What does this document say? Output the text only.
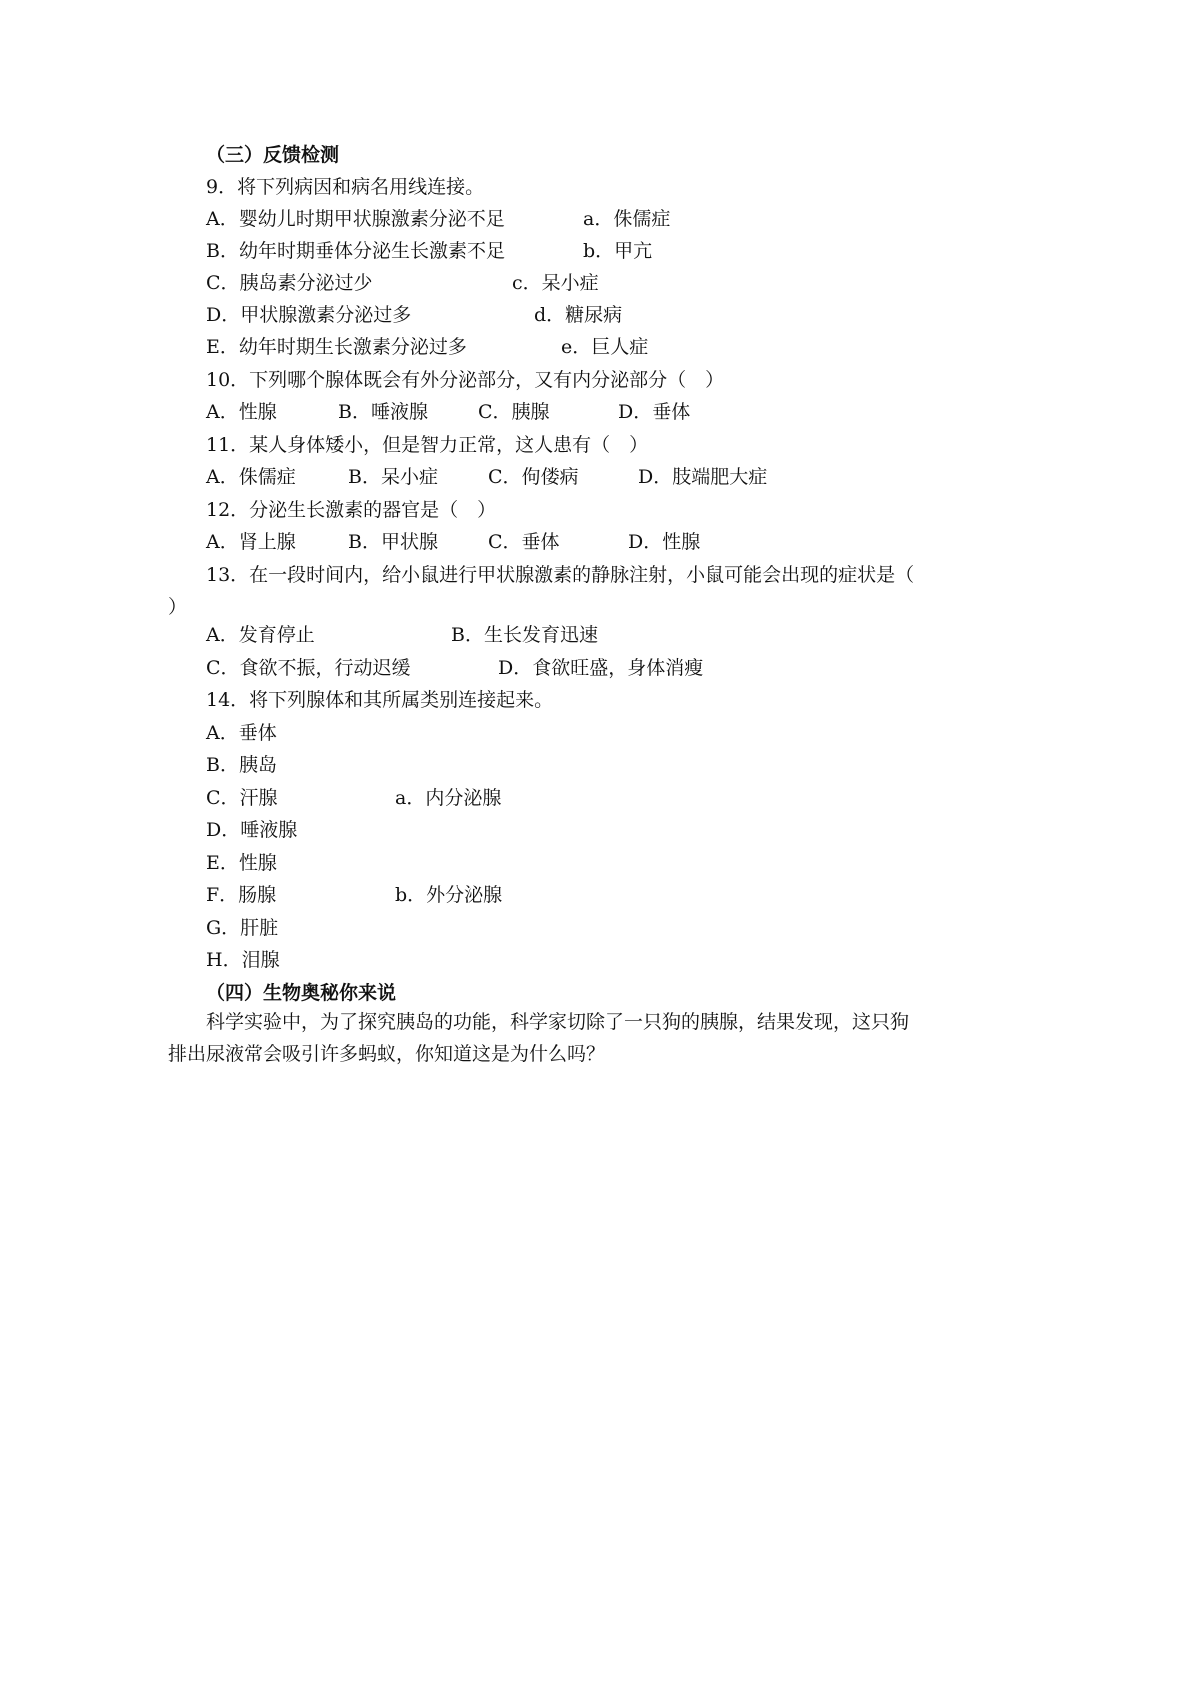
（三）反馈检测
9．将下列病因和病名用线连接。
A．婴幼儿时期甲状腺激素分泌不足	a．侏儒症
B．幼年时期垂体分泌生长激素不足	b．甲亢
C．胰岛素分泌过少	c．呆小症
D．甲状腺激素分泌过多	d．糖尿病
E．幼年时期生长激素分泌过多	e．巨人症
10．下列哪个腺体既会有外分泌部分，又有内分泌部分（　）
A．性腺	B．唾液腺	C．胰腺	D．垂体
11．某人身体矮小，但是智力正常，这人患有（　）
A．侏儒症	B．呆小症	C．佝偻病	D．肢端肥大症
12．分泌生长激素的器官是（　）
A．肾上腺	B．甲状腺	C．垂体	D．性腺
13．在一段时间内，给小鼠进行甲状腺激素的静脉注射，小鼠可能会出现的症状是（
）
A．发育停止	B．生长发育迅速
C．食欲不振，行动迟缓	D．食欲旺盛，身体消瘦
14．将下列腺体和其所属类别连接起来。
A．垂体
B．胰岛
C．汗腺	a．内分泌腺
D．唾液腺
E．性腺
F．肠腺	b．外分泌腺
G．肝脏
H．泪腺
（四）生物奥秘你来说
科学实验中，为了探究胰岛的功能，科学家切除了一只狗的胰腺，结果发现，这只狗
排出尿液常会吸引许多蚂蚁，你知道这是为什么吗？
